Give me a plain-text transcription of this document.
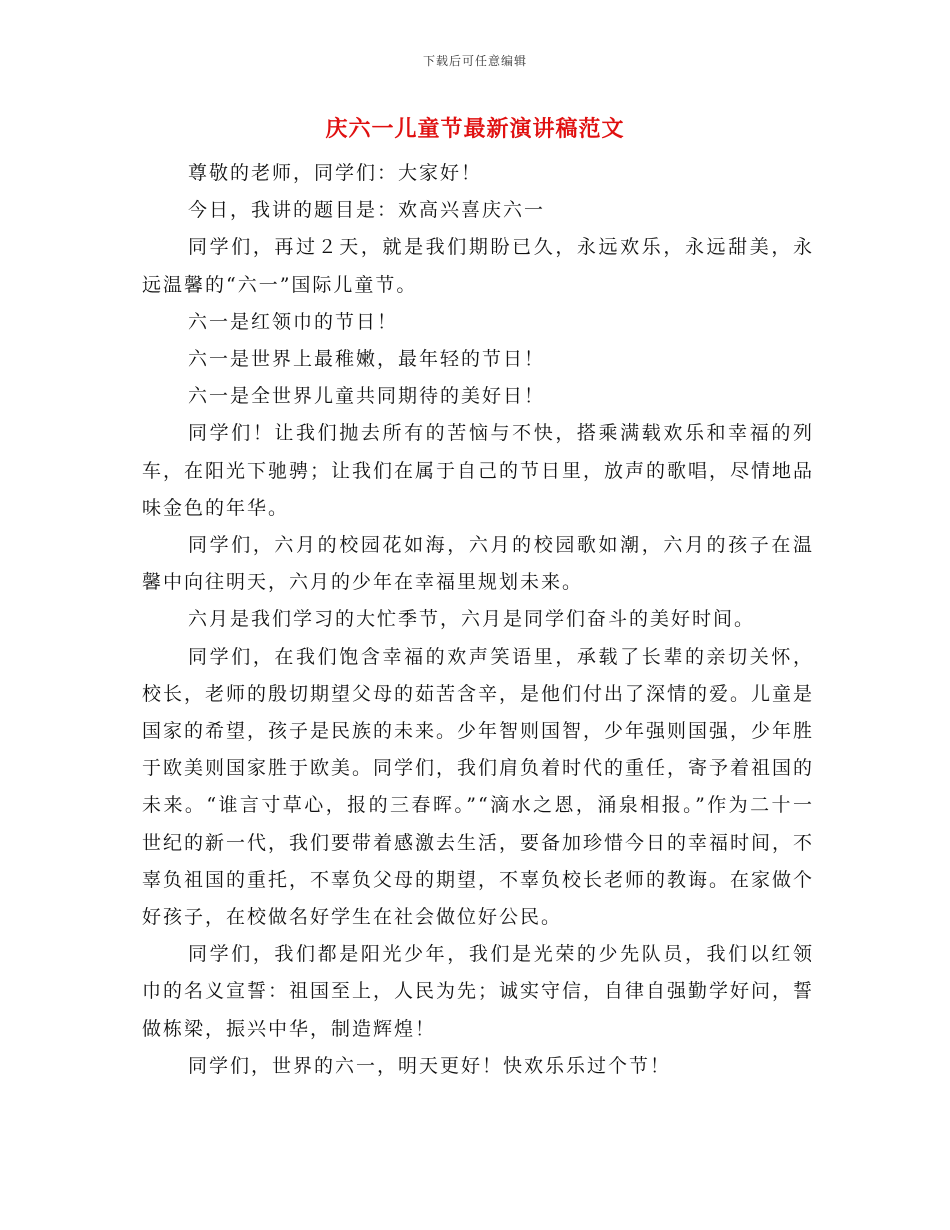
下载后可任意编辑
庆六一儿童节最新演讲稿范文

尊敬的老师，同学们：大家好！

今日，我讲的题目是：欢高兴喜庆六一

同学们，再过２天，就是我们期盼已久，永远欢乐，永远甜美，永远温馨的“六一”国际儿童节。

六一是红领巾的节日！

六一是世界上最稚嫩，最年轻的节日！

六一是全世界儿童共同期待的美好日！

同学们！让我们抛去所有的苦恼与不快，搭乘满载欢乐和幸福的列车，在阳光下驰骋；让我们在属于自己的节日里，放声的歌唱，尽情地品味金色的年华。

同学们，六月的校园花如海，六月的校园歌如潮，六月的孩子在温馨中向往明天，六月的少年在幸福里规划未来。

六月是我们学习的大忙季节，六月是同学们奋斗的美好时间。

同学们，在我们饱含幸福的欢声笑语里，承载了长辈的亲切关怀，校长，老师的殷切期望父母的茹苦含辛，是他们付出了深情的爱。儿童是国家的希望，孩子是民族的未来。少年智则国智，少年强则国强，少年胜于欧美则国家胜于欧美。同学们，我们肩负着时代的重任，寄予着祖国的未来。“谁言寸草心，报的三春晖。”“滴水之恩，涌泉相报。”作为二十一世纪的新一代，我们要带着感激去生活，要备加珍惜今日的幸福时间，不辜负祖国的重托，不辜负父母的期望，不辜负校长老师的教诲。在家做个好孩子，在校做名好学生在社会做位好公民。

同学们，我们都是阳光少年，我们是光荣的少先队员，我们以红领巾的名义宣誓：祖国至上，人民为先；诚实守信，自律自强勤学好问，誓做栋梁，振兴中华，制造辉煌！

同学们，世界的六一，明天更好！快欢乐乐过个节！
